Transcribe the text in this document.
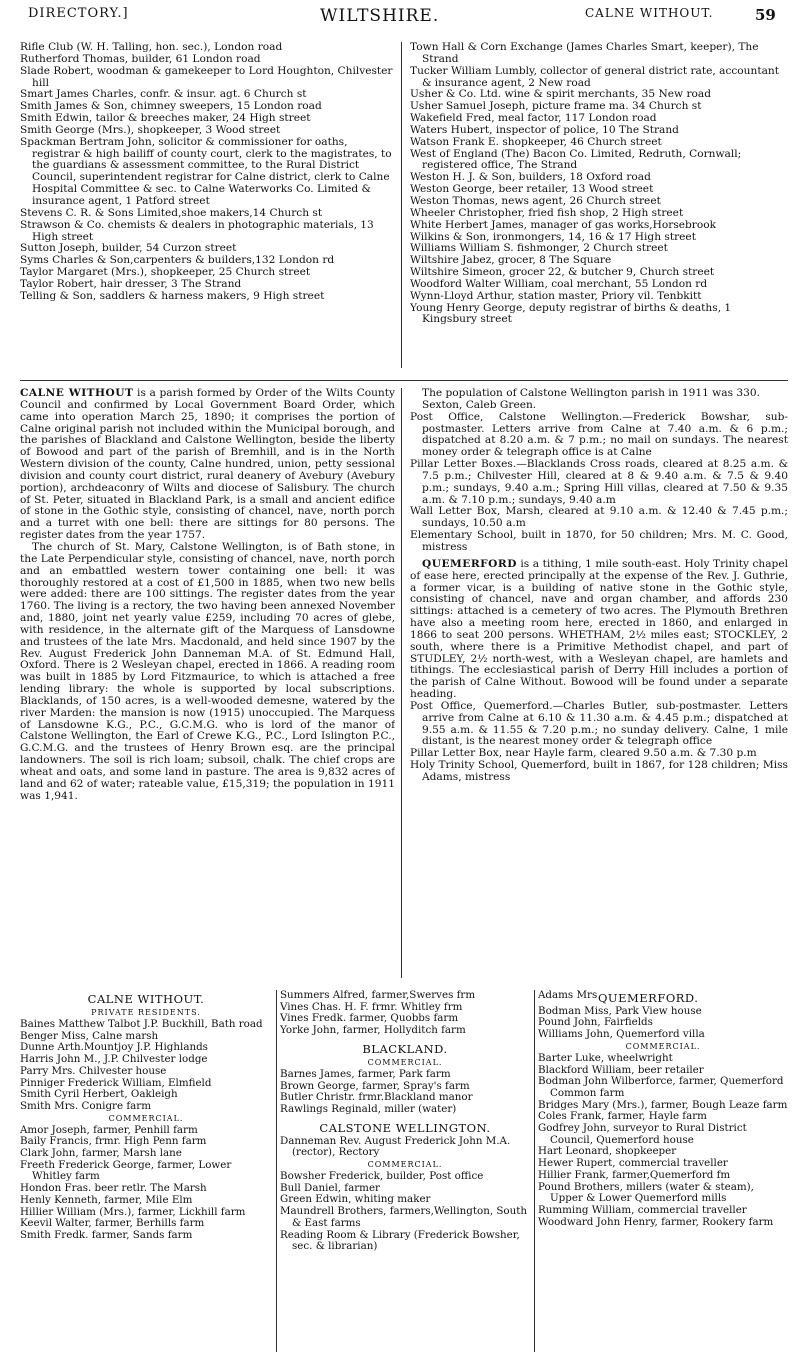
DIRECTORY.]	WILTSHIRE.	CALNE WITHOUT.	59

Rifle Club (W. H. Talling, hon. sec.), London road

Rutherford Thomas, builder, 61 London road

Slade Robert, woodman & gamekeeper to Lord Houghton, Chilvester hill

Smart James Charles, confr. & insur. agt. 6 Church st

Smith James & Son, chimney sweepers, 15 London road

Smith Edwin, tailor & breeches maker, 24 High street

Smith George (Mrs.), shopkeeper, 3 Wood street

Spackman Bertram John, solicitor & commissioner for oaths, registrar & high bailiff of county court, clerk to the magistrates, to the guardians & assessment committee, to the Rural District Council, superintendent registrar for Calne district, clerk to Calne Hospital Committee & sec. to Calne Waterworks Co. Limited & insurance agent, 1 Patford street

Stevens C. R. & Sons Limited,shoe makers,14 Church st

Strawson & Co. chemists & dealers in photographic materials, 13 High street

Sutton Joseph, builder, 54 Curzon street

Syms Charles & Son,carpenters & builders,132 London rd

Taylor Margaret (Mrs.), shopkeeper, 25 Church street

Taylor Robert, hair dresser, 3 The Strand

Telling & Son, saddlers & harness makers, 9 High street

Town Hall & Corn Exchange (James Charles Smart, keeper), The Strand

Tucker William Lumbly, collector of general district rate, accountant & insurance agent, 2 New road

Usher & Co. Ltd. wine & spirit merchants, 35 New road

Usher Samuel Joseph, picture frame ma. 34 Church st

Wakefield Fred, meal factor, 117 London road

Waters Hubert, inspector of police, 10 The Strand

Watson Frank E. shopkeeper, 46 Church street

West of England (The) Bacon Co. Limited, Redruth, Cornwall; registered office, The Strand

Weston H. J. & Son, builders, 18 Oxford road

Weston George, beer retailer, 13 Wood street

Weston Thomas, news agent, 26 Church street

Wheeler Christopher, fried fish shop, 2 High street

White Herbert James, manager of gas works,Horsebrook

Wilkins & Son, ironmongers, 14, 16 & 17 High street

Williams William S. fishmonger, 2 Church street

Wiltshire Jabez, grocer, 8 The Square

Wiltshire Simeon, grocer 22, & butcher 9, Church street

Woodford Walter William, coal merchant, 55 London rd

Wynn-Lloyd Arthur, station master, Priory vil. Tenbkitt

Young Henry George, deputy registrar of births & deaths, 1 Kingsbury street

CALNE WITHOUT is a parish formed by Order of the Wilts County Council and confirmed by Local Government Board Order, which came into operation March 25, 1890; it comprises the portion of Calne original parish not included within the Municipal borough, and the parishes of Blackland and Calstone Wellington, beside the liberty of Bowood and part of the parish of Bremhill, and is in the North Western division of the county, Calne hundred, union, petty sessional division and county court district, rural deanery of Avebury (Avebury portion), archdeaconry of Wilts and diocese of Salisbury. The church of St. Peter, situated in Blackland Park, is a small and ancient edifice of stone in the Gothic style, consisting of chancel, nave, north porch and a turret with one bell: there are sittings for 80 persons. The register dates from the year 1757.

The church of St. Mary, Calstone Wellington, is of Bath stone, in the Late Perpendicular style, consisting of chancel, nave, north porch and an embattled western tower containing one bell: it was thoroughly restored at a cost of £1,500 in 1885, when two new bells were added: there are 100 sittings. The register dates from the year 1760. The living is a rectory, the two having been annexed November and, 1880, joint net yearly value £259, including 70 acres of glebe, with residence, in the alternate gift of the Marquess of Lansdowne and trustees of the late Mrs. Macdonald, and held since 1907 by the Rev. August Frederick John Danneman M.A. of St. Edmund Hall, Oxford. There is 2 Wesleyan chapel, erected in 1866. A reading room was built in 1885 by Lord Fitzmaurice, to which is attached a free lending library: the whole is supported by local subscriptions. Blacklands, of 150 acres, is a well-wooded demesne, watered by the river Marden: the mansion is now (1915) unoccupied. The Marquess of Lansdowne K.G., P.C., G.C.M.G. who is lord of the manor of Calstone Wellington, the Earl of Crewe K.G., P.C., Lord Islington P.C., G.C.M.G. and the trustees of Henry Brown esq. are the principal landowners. The soil is rich loam; subsoil, chalk. The chief crops are wheat and oats, and some land in pasture. The area is 9,832 acres of land and 62 of water; rateable value, £15,319; the population in 1911 was 1,941.

The population of Calstone Wellington parish in 1911 was 330.

Sexton, Caleb Green.

Post Office, Calstone Wellington.—Frederick Bowshar, sub-postmaster. Letters arrive from Calne at 7.40 a.m. & 6 p.m.; dispatched at 8.20 a.m. & 7 p.m.; no mail on sundays. The nearest money order & telegraph office is at Calne

Pillar Letter Boxes.—Blacklands Cross roads, cleared at 8.25 a.m. & 7.5 p.m.; Chilvester Hill, cleared at 8 & 9.40 a.m. & 7.5 & 9.40 p.m.; sundays, 9.40 a.m.; Spring Hill villas, cleared at 7.50 & 9.35 a.m. & 7.10 p.m.; sundays, 9.40 a.m

Wall Letter Box, Marsh, cleared at 9.10 a.m. & 12.40 & 7.45 p.m.; sundays, 10.50 a.m

Elementary School, built in 1870, for 50 children; Mrs. M. C. Good, mistress

QUEMERFORD is a tithing, 1 mile south-east. Holy Trinity chapel of ease here, erected principally at the expense of the Rev. J. Guthrie, a former vicar, is a building of native stone in the Gothic style, consisting of chancel, nave and organ chamber, and affords 230 sittings: attached is a cemetery of two acres. The Plymouth Brethren have also a meeting room here, erected in 1860, and enlarged in 1866 to seat 200 persons. WHETHAM, 2½ miles east; STOCKLEY, 2 south, where there is a Primitive Methodist chapel, and part of STUDLEY, 2½ north-west, with a Wesleyan chapel, are hamlets and tithings. The ecclesiastical parish of Derry Hill includes a portion of the parish of Calne Without. Bowood will be found under a separate heading.

Post Office, Quemerford.—Charles Butler, sub-postmaster. Letters arrive from Calne at 6.10 & 11.30 a.m. & 4.45 p.m.; dispatched at 9.55 a.m. & 11.55 & 7.20 p.m.; no sunday delivery. Calne, 1 mile distant, is the nearest money order & telegraph office

Pillar Letter Box, near Hayle farm, cleared 9.50 a.m. & 7.30 p.m

Holy Trinity School, Quemerford, built in 1867, for 128 children; Miss Adams, mistress

CALNE WITHOUT.
PRIVATE RESIDENTS.

Baines Matthew Talbot J.P. Buckhill, Bath road

Benger Miss, Calne marsh

Dunne Arth.Mountjoy J.P. Highlands

Harris John M., J.P. Chilvester lodge

Parry Mrs. Chilvester house

Pinniger Frederick William, Elmfield

Smith Cyril Herbert, Oakleigh

Smith Mrs. Conigre farm

COMMERCIAL.

Amor Joseph, farmer, Penhill farm

Baily Francis, frmr. High Penn farm

Clark John, farmer, Marsh lane

Freeth Frederick George, farmer, Lower Whitley farm

Hondon Fras. beer retlr. The Marsh

Henly Kenneth, farmer, Mile Elm

Hillier William (Mrs.), farmer, Lickhill farm

Keevil Walter, farmer, Berhills farm

Smith Fredk. farmer, Sands farm

Summers Alfred, farmer,Swerves frm

Vines Chas. H. F. frmr. Whitley frm

Vines Fredk. farmer, Quobbs farm

Yorke John, farmer, Hollyditch farm

BLACKLAND.
COMMERCIAL.

Barnes James, farmer, Park farm

Brown George, farmer, Spray's farm

Butler Christr. frmr.Blackland manor

Rawlings Reginald, miller (water)

CALSTONE WELLINGTON.

Danneman Rev. August Frederick John M.A. (rector), Rectory

COMMERCIAL.

Bowsher Frederick, builder, Post office

Bull Daniel, farmer

Green Edwin, whiting maker

Maundrell Brothers, farmers,Wellington, South & East farms

Reading Room & Library (Frederick Bowsher, sec. & librarian)

Adams Mrs QUEMERFORD.

Bodman Miss, Park View house

Pound John, Fairfields

Williams John, Quemerford villa

COMMERCIAL.

Barter Luke, wheelwright

Blackford William, beer retailer

Bodman John Wilberforce, farmer, Quemerford Common farm

Bridges Mary (Mrs.), farmer, Bough Leaze farm

Coles Frank, farmer, Hayle farm

Godfrey John, surveyor to Rural District Council, Quemerford house

Hart Leonard, shopkeeper

Hewer Rupert, commercial traveller

Hillier Frank, farmer,Quemerford fm

Pound Brothers, millers (water & steam), Upper & Lower Quemerford mills

Rumming William, commercial traveller

Woodward John Henry, farmer, Rookery farm
